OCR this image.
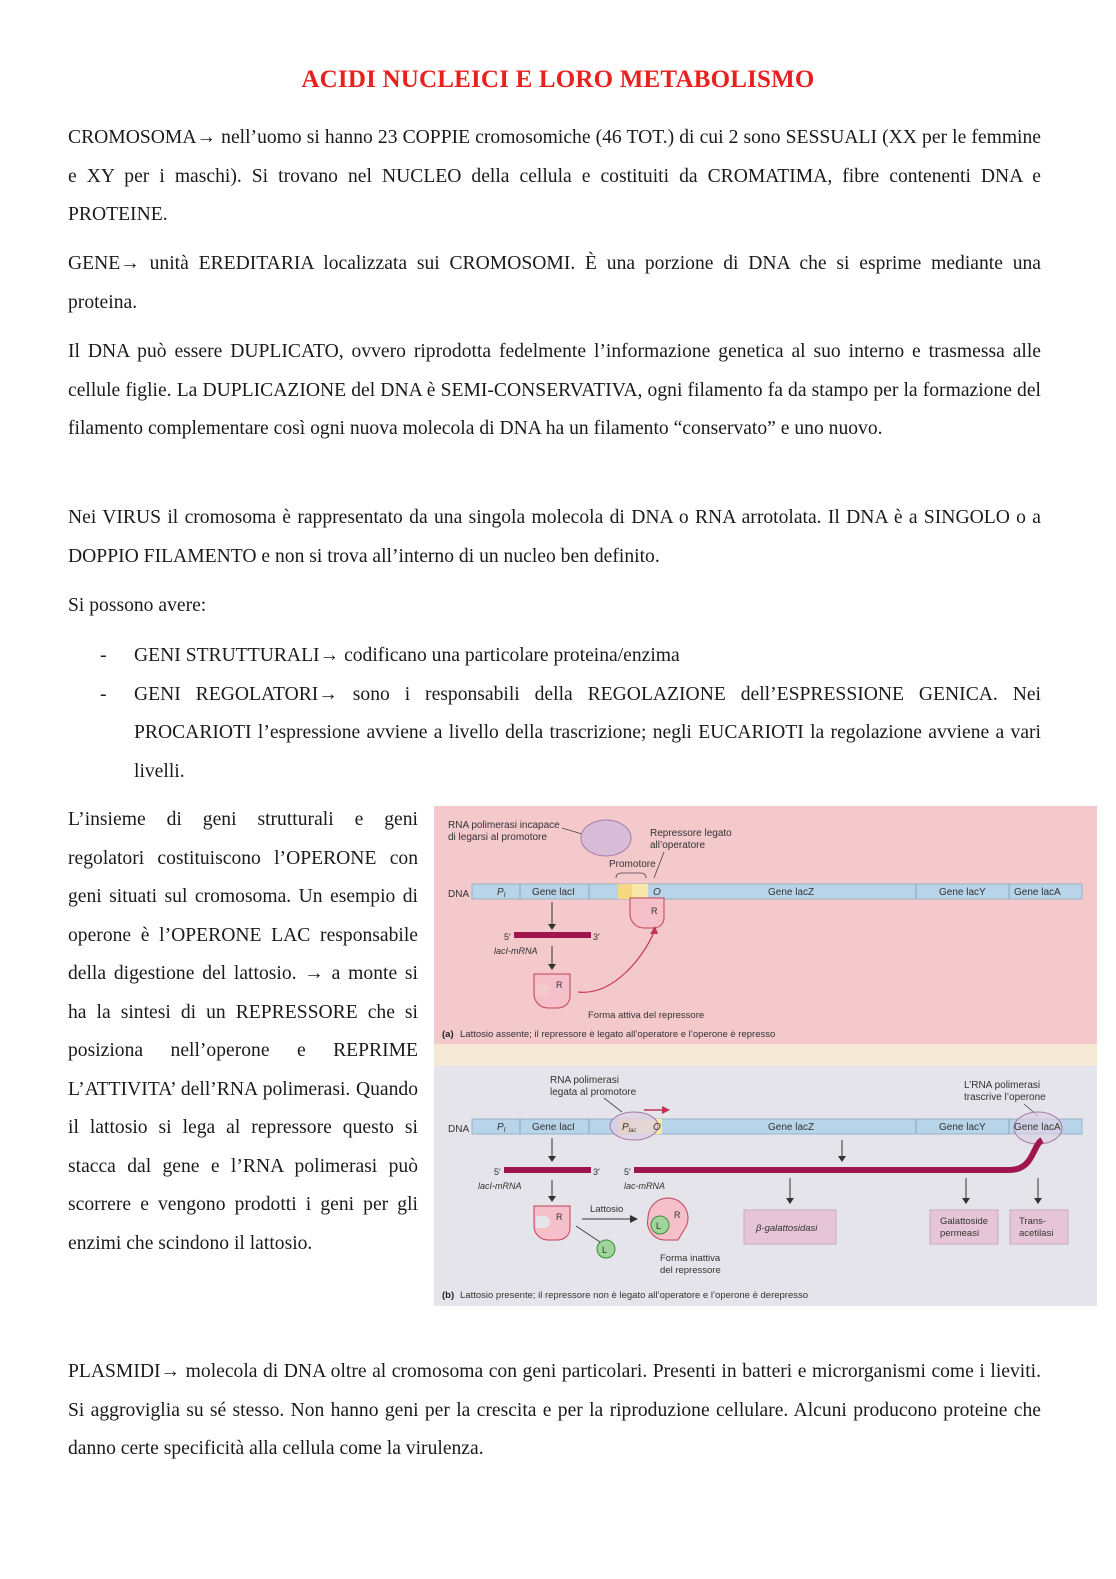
ACIDI NUCLEICI E LORO METABOLISMO

CROMOSOMA→ nell’uomo si hanno 23 COPPIE cromosomiche (46 TOT.) di cui 2 sono SESSUALI (XX per le femmine e XY per i maschi). Si trovano nel NUCLEO della cellula e costituiti da CROMATIMA, fibre contenenti DNA e PROTEINE.

GENE→ unità EREDITARIA localizzata sui CROMOSOMI. È una porzione di DNA che si esprime mediante una proteina.

Il DNA può essere DUPLICATO, ovvero riprodotta fedelmente l’informazione genetica al suo interno e trasmessa alle cellule figlie. La DUPLICAZIONE del DNA è SEMI-CONSERVATIVA, ogni filamento fa da stampo per la formazione del filamento complementare così ogni nuova molecola di DNA ha un filamento “conservato” e uno nuovo.

Nei VIRUS il cromosoma è rappresentato da una singola molecola di DNA o RNA arrotolata. Il DNA è a SINGOLO o a DOPPIO FILAMENTO e non si trova all’interno di un nucleo ben definito.

Si possono avere:

- GENI STRUTTURALI→ codificano una particolare proteina/enzima
- GENI REGOLATORI→ sono i responsabili della REGOLAZIONE dell’ESPRESSIONE GENICA. Nei PROCARIOTI l’espressione avviene a livello della trascrizione; negli EUCARIOTI la regolazione avviene a vari livelli.

L’insieme di geni strutturali e geni regolatori costituiscono l’OPERONE con geni situati sul cromosoma. Un esempio di operone è l’OPERONE LAC responsabile della digestione del lattosio. → a monte si ha la sintesi di un REPRESSORE che si posiziona nell’operone e REPRIME L’ATTIVITA’ dell’RNA polimerasi. Quando il lattosio si lega al repressore questo si stacca dal gene e l’RNA polimerasi può scorrere e vengono prodotti i geni per gli enzimi che scindono il lattosio.

RNA polimerasi incapace
di legarsi al promotore	Repressore legato
all’operatore
Promotore
DNA	$P_I$	Gene lacI	O	Gene lacZ	Gene lacY	Gene lacA
R
5′	3′
lacI-mRNA
R
Forma attiva del repressore
(a) Lattosio assente; il repressore è legato all’operatore e l’operone è represso
RNA polimerasi
legata al promotore
L’RNA polimerasi
trascrive l’operone
DNA	$P_I$	Gene lacI	$P_{lac}$ O	Gene lacZ	Gene lacY	Gene lacA
5′	3′
lacI-mRNA
5′
lac-mRNA
R
Lattosio
L
L
R
Forma inattiva
del repressore
β-galattosidasi
Galattoside
permeasi
Trans-
acetilasi
(b) Lattosio presente; il repressore non è legato all’operatore e l’operone è derepresso

PLASMIDI→ molecola di DNA oltre al cromosoma con geni particolari. Presenti in batteri e microrganismi come i lieviti. Si aggroviglia su sé stesso. Non hanno geni per la crescita e per la riproduzione cellulare. Alcuni producono proteine che danno certe specificità alla cellula come la virulenza.
